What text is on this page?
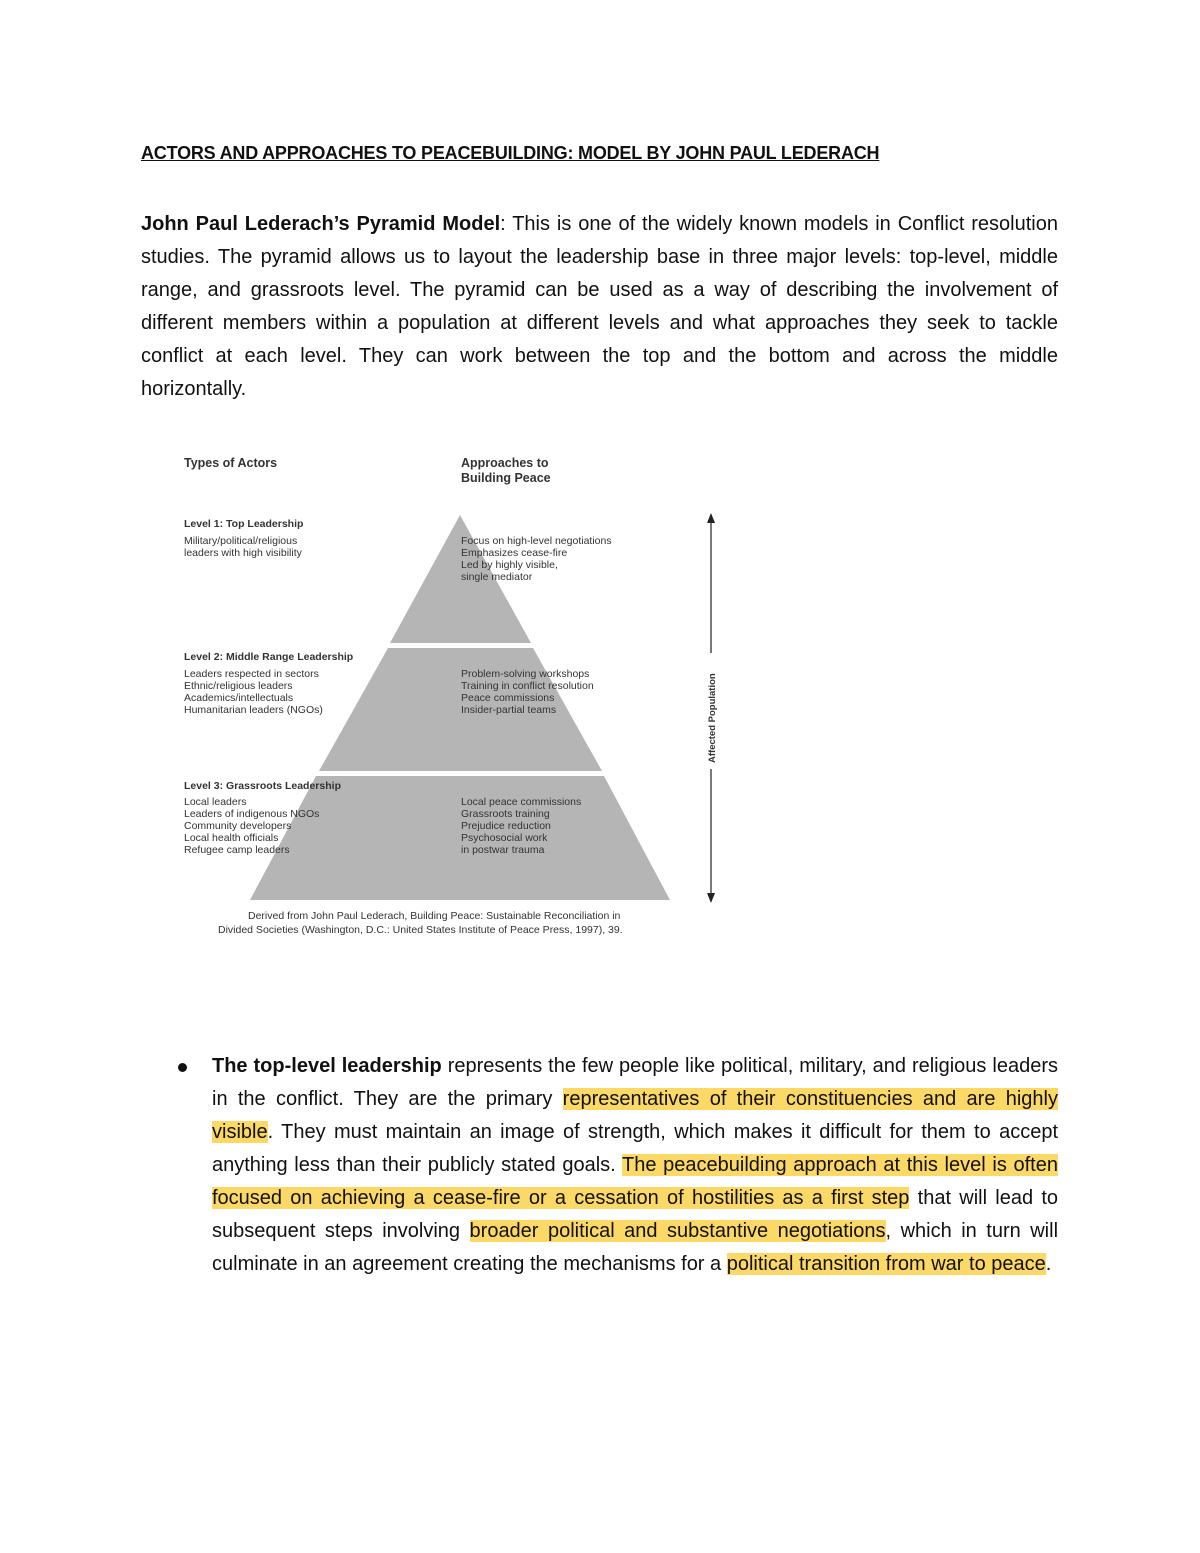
ACTORS AND APPROACHES TO PEACEBUILDING: MODEL BY JOHN PAUL LEDERACH

John Paul Lederach’s Pyramid Model: This is one of the widely known models in Conflict resolution studies. The pyramid allows us to layout the leadership base in three major levels: top-level, middle range, and grassroots level. The pyramid can be used as a way of describing the involvement of different members within a population at different levels and what approaches they seek to tackle conflict at each level. They can work between the top and the bottom and across the middle horizontally.

Types of Actors	Approaches to
Building Peace
Affected Population
Level 1: Top Leadership
Military/political/religious
leaders with high visibility
Focus on high-level negotiations
Emphasizes cease-fire
Led by highly visible,
single mediator
Level 2: Middle Range Leadership
Leaders respected in sectors
Ethnic/religious leaders
Academics/intellectuals
Humanitarian leaders (NGOs)
Problem-solving workshops
Training in conflict resolution
Peace commissions
Insider-partial teams
Level 3: Grassroots Leadership
Local leaders
Leaders of indigenous NGOs
Community developers
Local health officials
Refugee camp leaders
Local peace commissions
Grassroots training
Prejudice reduction
Psychosocial work
in postwar trauma
Derived from John Paul Lederach, Building Peace: Sustainable Reconciliation in
Divided Societies (Washington, D.C.: United States Institute of Peace Press, 1997), 39.
The top-level leadership represents the few people like political, military, and religious leaders in the conflict. They are the primary representatives of their constituencies and are highly visible. They must maintain an image of strength, which makes it difficult for them to accept anything less than their publicly stated goals. The peacebuilding approach at this level is often focused on achieving a cease-fire or a cessation of hostilities as a first step that will lead to subsequent steps involving broader political and substantive negotiations, which in turn will culminate in an agreement creating the mechanisms for a political transition from war to peace.
